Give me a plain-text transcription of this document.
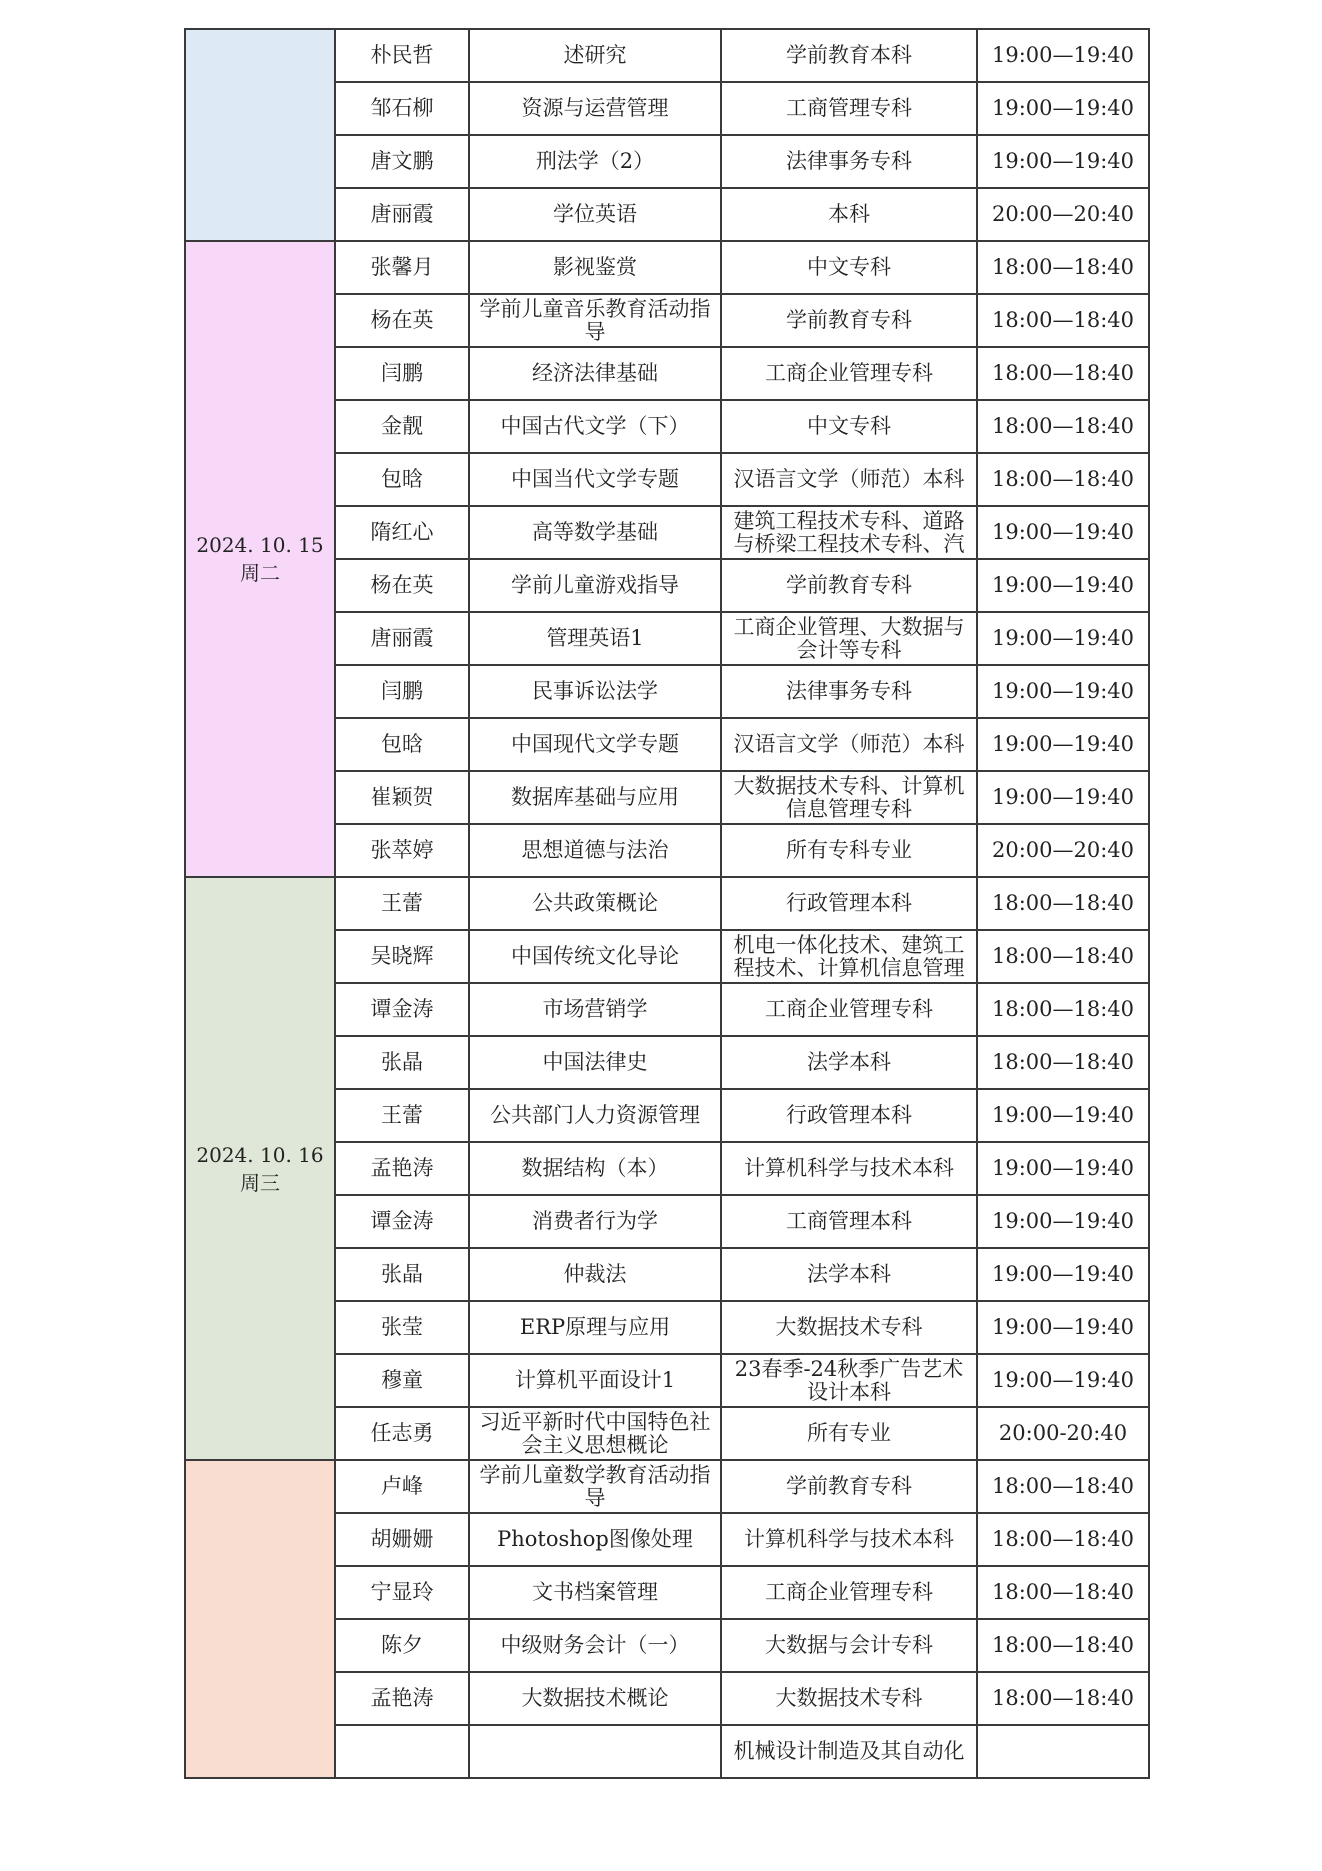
	朴民哲	述研究	学前教育本科	19:00—19:40
	邹石柳	资源与运营管理	工商管理专科	19:00—19:40
	唐文鹏	刑法学（2）	法律事务专科	19:00—19:40
	唐丽霞	学位英语	本科	20:00—20:40

2024. 10. 15
周二	张馨月	影视鉴赏	中文专科	18:00—18:40
	杨在英	学前儿童音乐教育活动指导	学前教育专科	18:00—18:40
	闫鹏	经济法律基础	工商企业管理专科	18:00—18:40
	金靓	中国古代文学（下）	中文专科	18:00—18:40
	包晗	中国当代文学专题	汉语言文学（师范）本科	18:00—18:40
	隋红心	高等数学基础	建筑工程技术专科、道路与桥梁工程技术专科、汽	19:00—19:40
	杨在英	学前儿童游戏指导	学前教育专科	19:00—19:40
	唐丽霞	管理英语1	工商企业管理、大数据与会计等专科	19:00—19:40
	闫鹏	民事诉讼法学	法律事务专科	19:00—19:40
	包晗	中国现代文学专题	汉语言文学（师范）本科	19:00—19:40
	崔颖贺	数据库基础与应用	大数据技术专科、计算机信息管理专科	19:00—19:40
	张萃婷	思想道德与法治	所有专科专业	20:00—20:40

2024. 10. 16
周三	王蕾	公共政策概论	行政管理本科	18:00—18:40
	吴晓辉	中国传统文化导论	机电一体化技术、建筑工程技术、计算机信息管理	18:00—18:40
	谭金涛	市场营销学	工商企业管理专科	18:00—18:40
	张晶	中国法律史	法学本科	18:00—18:40
	王蕾	公共部门人力资源管理	行政管理本科	19:00—19:40
	孟艳涛	数据结构（本）	计算机科学与技术本科	19:00—19:40
	谭金涛	消费者行为学	工商管理本科	19:00—19:40
	张晶	仲裁法	法学本科	19:00—19:40
	张莹	ERP原理与应用	大数据技术专科	19:00—19:40
	穆童	计算机平面设计1	23春季-24秋季广告艺术设计本科	19:00—19:40
	任志勇	习近平新时代中国特色社会主义思想概论	所有专业	20:00-20:40

	卢峰	学前儿童数学教育活动指导	学前教育专科	18:00—18:40
	胡姗姗	Photoshop图像处理	计算机科学与技术本科	18:00—18:40
	宁显玲	文书档案管理	工商企业管理专科	18:00—18:40
	陈夕	中级财务会计（一）	大数据与会计专科	18:00—18:40
	孟艳涛	大数据技术概论	大数据技术专科	18:00—18:40
			机械设计制造及其自动化	
